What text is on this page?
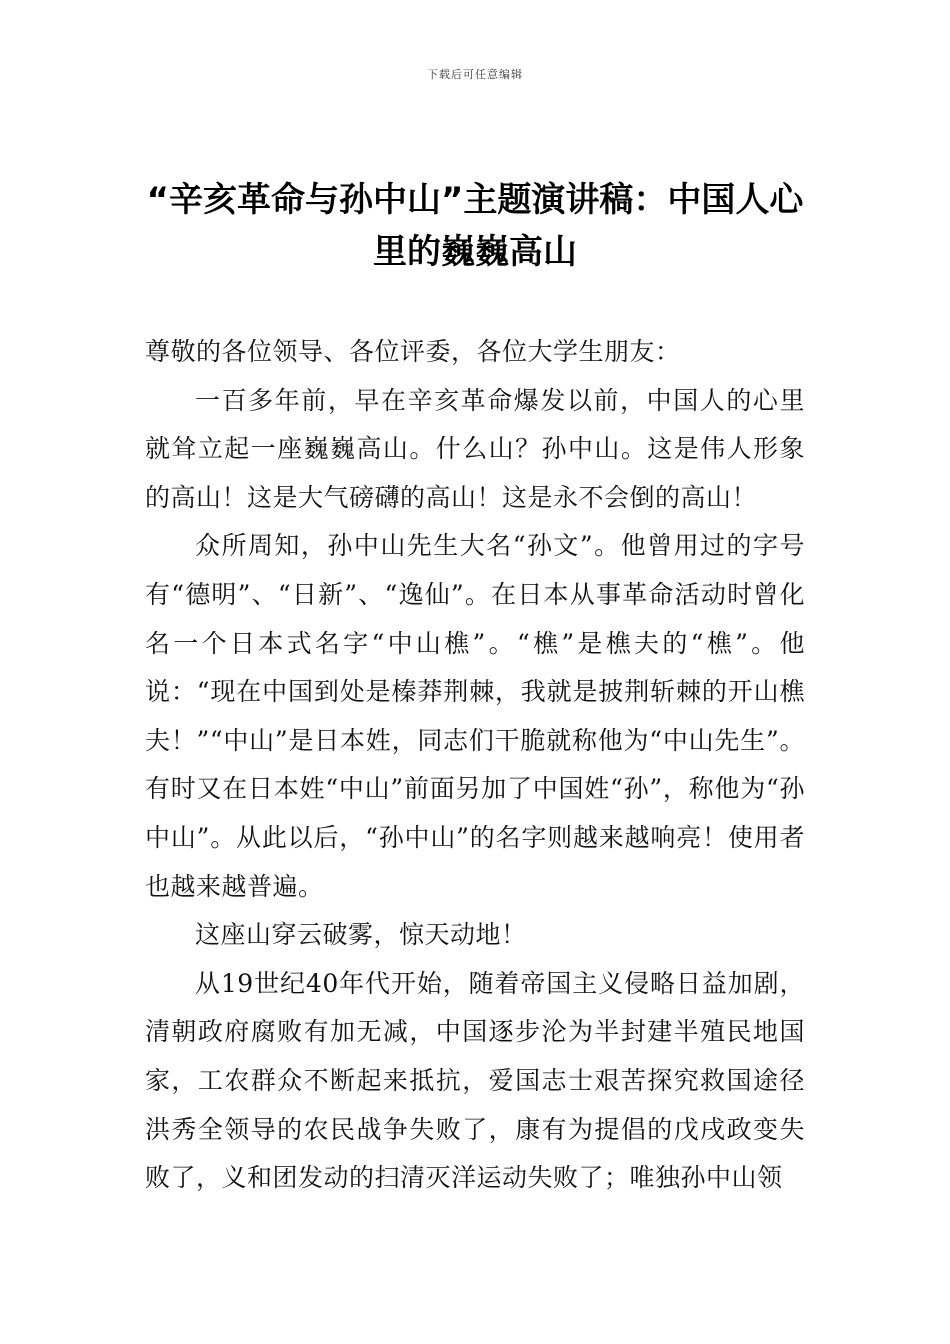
下载后可任意编辑
“辛亥革命与孙中山”主题演讲稿：中国人心里的巍巍高山

尊敬的各位领导、各位评委，各位大学生朋友：

一百多年前，早在辛亥革命爆发以前，中国人的心里就耸立起一座巍巍高山。什么山？孙中山。这是伟人形象的高山！这是大气磅礴的高山！这是永不会倒的高山！

众所周知，孙中山先生大名“孙文”。他曾用过的字号有“德明”、“日新”、“逸仙”。在日本从事革命活动时曾化名一个日本式名字“中山樵”。“樵”是樵夫的“樵”。他说：“现在中国到处是榛莽荆棘，我就是披荆斩棘的开山樵夫！”“中山”是日本姓，同志们干脆就称他为“中山先生”。有时又在日本姓“中山”前面另加了中国姓“孙”，称他为“孙中山”。从此以后，“孙中山”的名字则越来越响亮！使用者也越来越普遍。

这座山穿云破雾，惊天动地！

从19世纪40年代开始，随着帝国主义侵略日益加剧，清朝政府腐败有加无减，中国逐步沦为半封建半殖民地国家，工农群众不断起来抵抗，爱国志士艰苦探究救国途径洪秀全领导的农民战争失败了，康有为提倡的戊戌政变失败了，义和团发动的扫清灭洋运动失败了；唯独孙中山领
